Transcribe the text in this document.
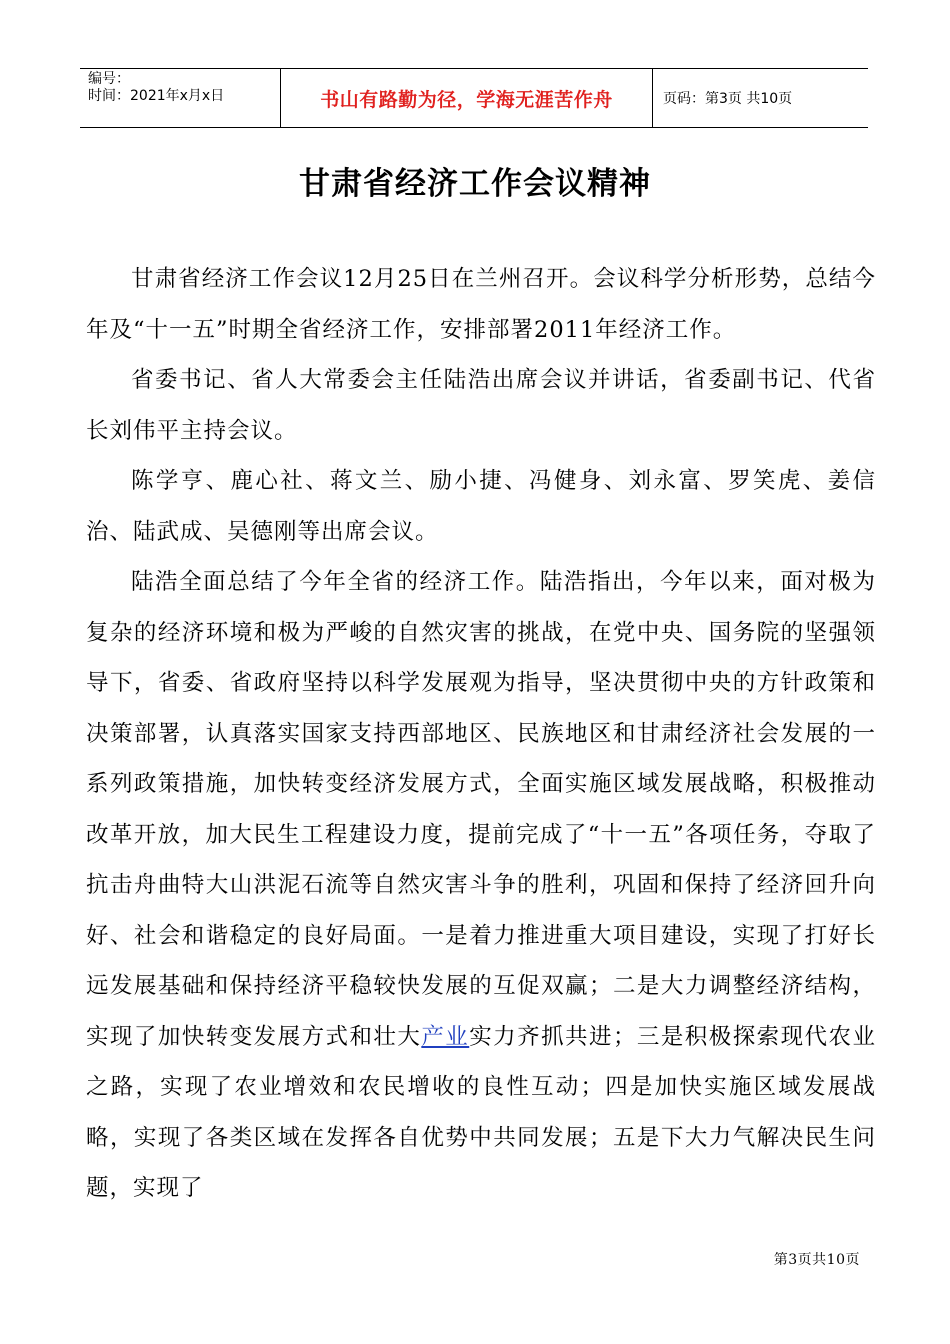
编号：
时间：2021年x月x日	书山有路勤为径，学海无涯苦作舟	页码：第3页 共10页
甘肃省经济工作会议精神

甘肃省经济工作会议12月25日在兰州召开。会议科学分析形势，总结今年及“十一五”时期全省经济工作，安排部署2011年经济工作。

省委书记、省人大常委会主任陆浩出席会议并讲话，省委副书记、代省长刘伟平主持会议。

陈学亨、鹿心社、蒋文兰、励小捷、冯健身、刘永富、罗笑虎、姜信治、陆武成、吴德刚等出席会议。

陆浩全面总结了今年全省的经济工作。陆浩指出，今年以来，面对极为复杂的经济环境和极为严峻的自然灾害的挑战，在党中央、国务院的坚强领导下，省委、省政府坚持以科学发展观为指导，坚决贯彻中央的方针政策和决策部署，认真落实国家支持西部地区、民族地区和甘肃经济社会发展的一系列政策措施，加快转变经济发展方式，全面实施区域发展战略，积极推动改革开放，加大民生工程建设力度，提前完成了“十一五”各项任务，夺取了抗击舟曲特大山洪泥石流等自然灾害斗争的胜利，巩固和保持了经济回升向好、社会和谐稳定的良好局面。一是着力推进重大项目建设，实现了打好长远发展基础和保持经济平稳较快发展的互促双赢；二是大力调整经济结构，实现了加快转变发展方式和壮大产业实力齐抓共进；三是积极探索现代农业之路，实现了农业增效和农民增收的良性互动；四是加快实施区域发展战略，实现了各类区域在发挥各自优势中共同发展；五是下大力气解决民生问题，实现了

第3页共10页
